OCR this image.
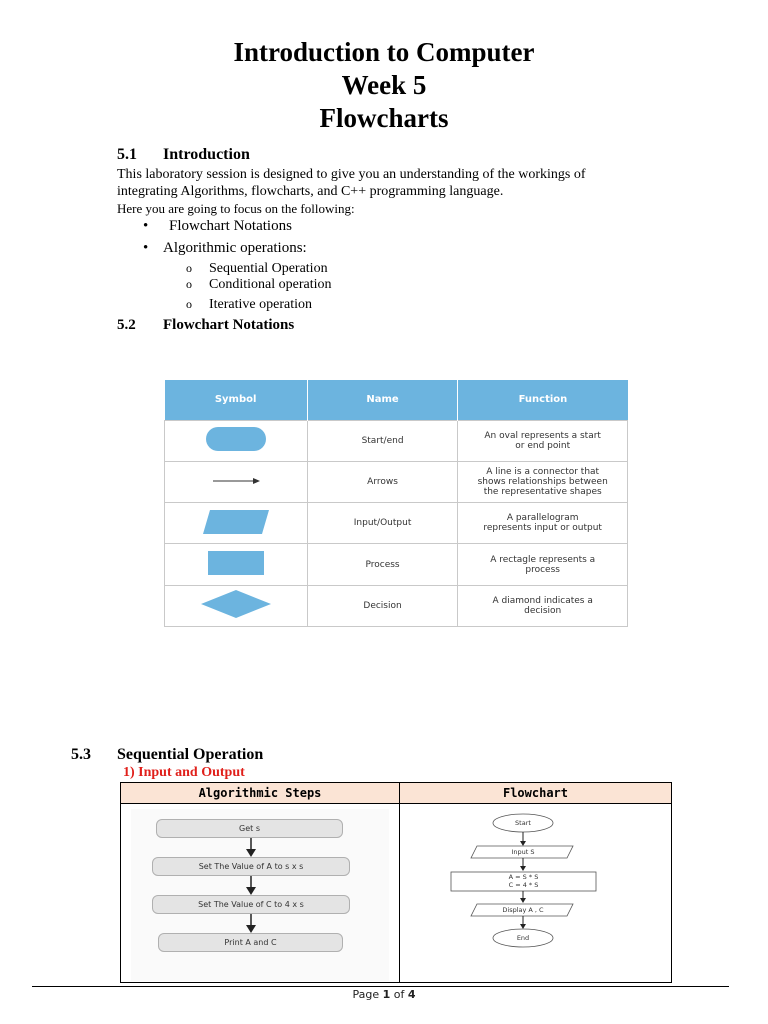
Introduction to Computer
Week 5
Flowcharts
5.1 Introduction
This laboratory session is designed to give you an understanding of the workings of
integrating Algorithms, flowcharts, and C++ programming language.
Here you are going to focus on the following:
• Flowchart Notations
• Algorithmic operations:
o Sequential Operation
o Conditional operation
o Iterative operation
5.2 Flowchart Notations
Symbol	Name	Function
	Start/end	An oval represents a start
or end point

	Arrows	A line is a connector that
shows relationships between
the representative shapes

	Input/Output	A parallelogram
represents input or output

	Process	A rectagle represents a
process

	Decision	A diamond indicates a
decision
5.3 Sequential Operation
1) Input and Output
Algorithmic Steps	Flowchart
Get s
Set The Value of A to s x s
Set The Value of C to 4 x s
Print A and C
Start
Input S
A = S * S
C = 4 * S
Display A , C
End
Page 1 of 4
